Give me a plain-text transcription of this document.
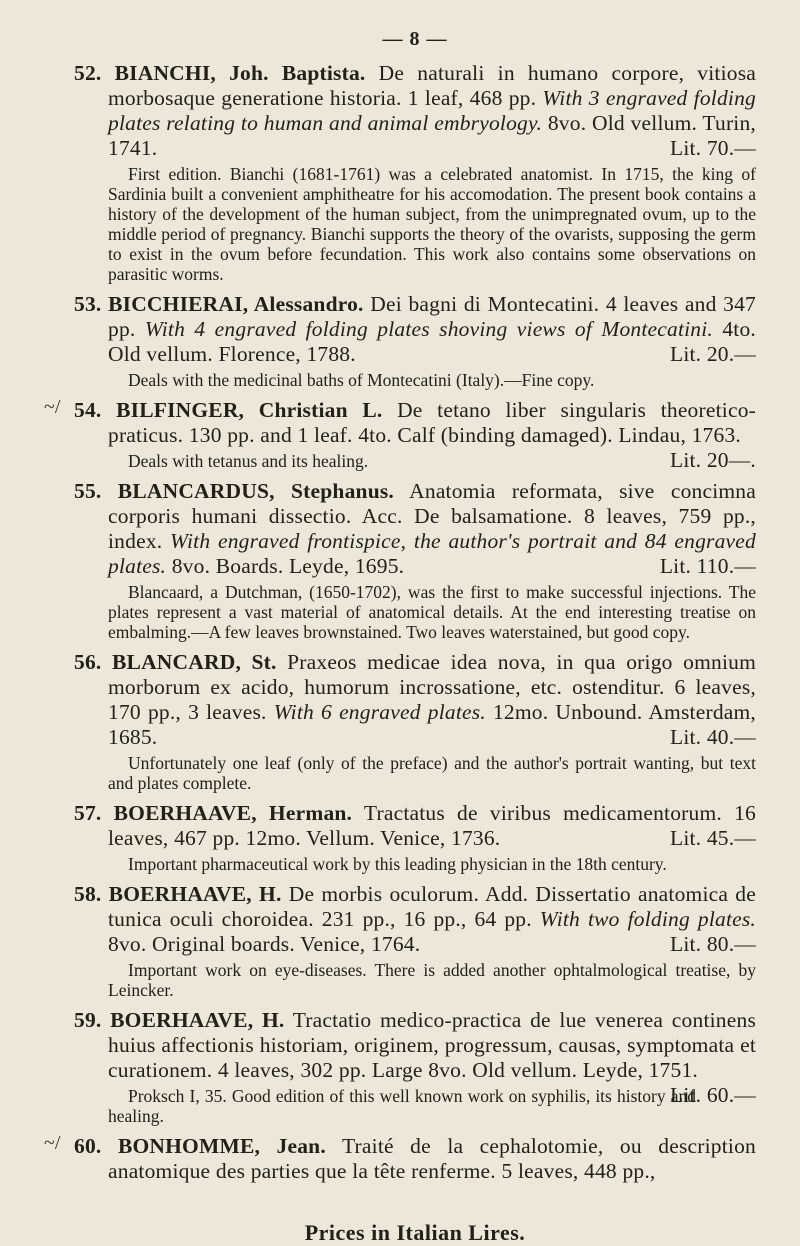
— 8 —

52. BIANCHI, Joh. Baptista. De naturali in humano corpore, vitiosa morbosaque generatione historia. 1 leaf, 468 pp. With 3 engraved folding plates relating to human and animal embryology. 8vo. Old vellum. Turin, 1741.	Lit. 70.—

First edition. Bianchi (1681-1761) was a celebrated anatomist. In 1715, the king of Sardinia built a convenient amphitheatre for his accomodation. The present book contains a history of the development of the human subject, from the unimpregnated ovum, up to the middle period of pregnancy. Bianchi supports the theory of the ovarists, supposing the germ to exist in the ovum before fecundation. This work also contains some observations on parasitic worms.

53. BICCHIERAI, Alessandro. Dei bagni di Montecatini. 4 leaves and 347 pp. With 4 engraved folding plates shoving views of Montecatini. 4to. Old vellum. Florence, 1788.	Lit. 20.—

Deals with the medicinal baths of Montecatini (Italy).—Fine copy.

~/ 54. BILFINGER, Christian L. De tetano liber singularis theoretico-praticus. 130 pp. and 1 leaf. 4to. Calf (binding damaged). Lindau, 1763.
Lit. 20—.

Deals with tetanus and its healing.

55. BLANCARDUS, Stephanus. Anatomia reformata, sive concimna corporis humani dissectio. Acc. De balsamatione. 8 leaves, 759 pp., index. With engraved frontispice, the author's portrait and 84 engraved plates. 8vo. Boards. Leyde, 1695.	Lit. 110.—

Blancaard, a Dutchman, (1650-1702), was the first to make successful injections. The plates represent a vast material of anatomical details. At the end interesting treatise on embalming.—A few leaves brownstained. Two leaves waterstained, but good copy.

56. BLANCARD, St. Praxeos medicae idea nova, in qua origo omnium morborum ex acido, humorum incrossatione, etc. ostenditur. 6 leaves, 170 pp., 3 leaves. With 6 engraved plates. 12mo. Unbound. Amsterdam, 1685.	Lit. 40.—

Unfortunately one leaf (only of the preface) and the author's portrait wanting, but text and plates complete.

57. BOERHAAVE, Herman. Tractatus de viribus medicamentorum. 16 leaves, 467 pp. 12mo. Vellum. Venice, 1736.	Lit. 45.—

Important pharmaceutical work by this leading physician in the 18th century.

58. BOERHAAVE, H. De morbis oculorum. Add. Dissertatio anatomica de tunica oculi choroidea. 231 pp., 16 pp., 64 pp. With two folding plates. 8vo. Original boards. Venice, 1764.	Lit. 80.—

Important work on eye-diseases. There is added another ophtalmological treatise, by Leincker.

59. BOERHAAVE, H. Tractatio medico-practica de lue venerea continens huius affectionis historiam, originem, progressum, causas, symptomata et curationem. 4 leaves, 302 pp. Large 8vo. Old vellum. Leyde, 1751.
Lit. 60.—

Proksch I, 35. Good edition of this well known work on syphilis, its history and healing.

~/ 60. BONHOMME, Jean. Traité de la cephalotomie, ou description anatomique des parties que la tête renferme. 5 leaves, 448 pp.,

Prices in Italian Lires.
